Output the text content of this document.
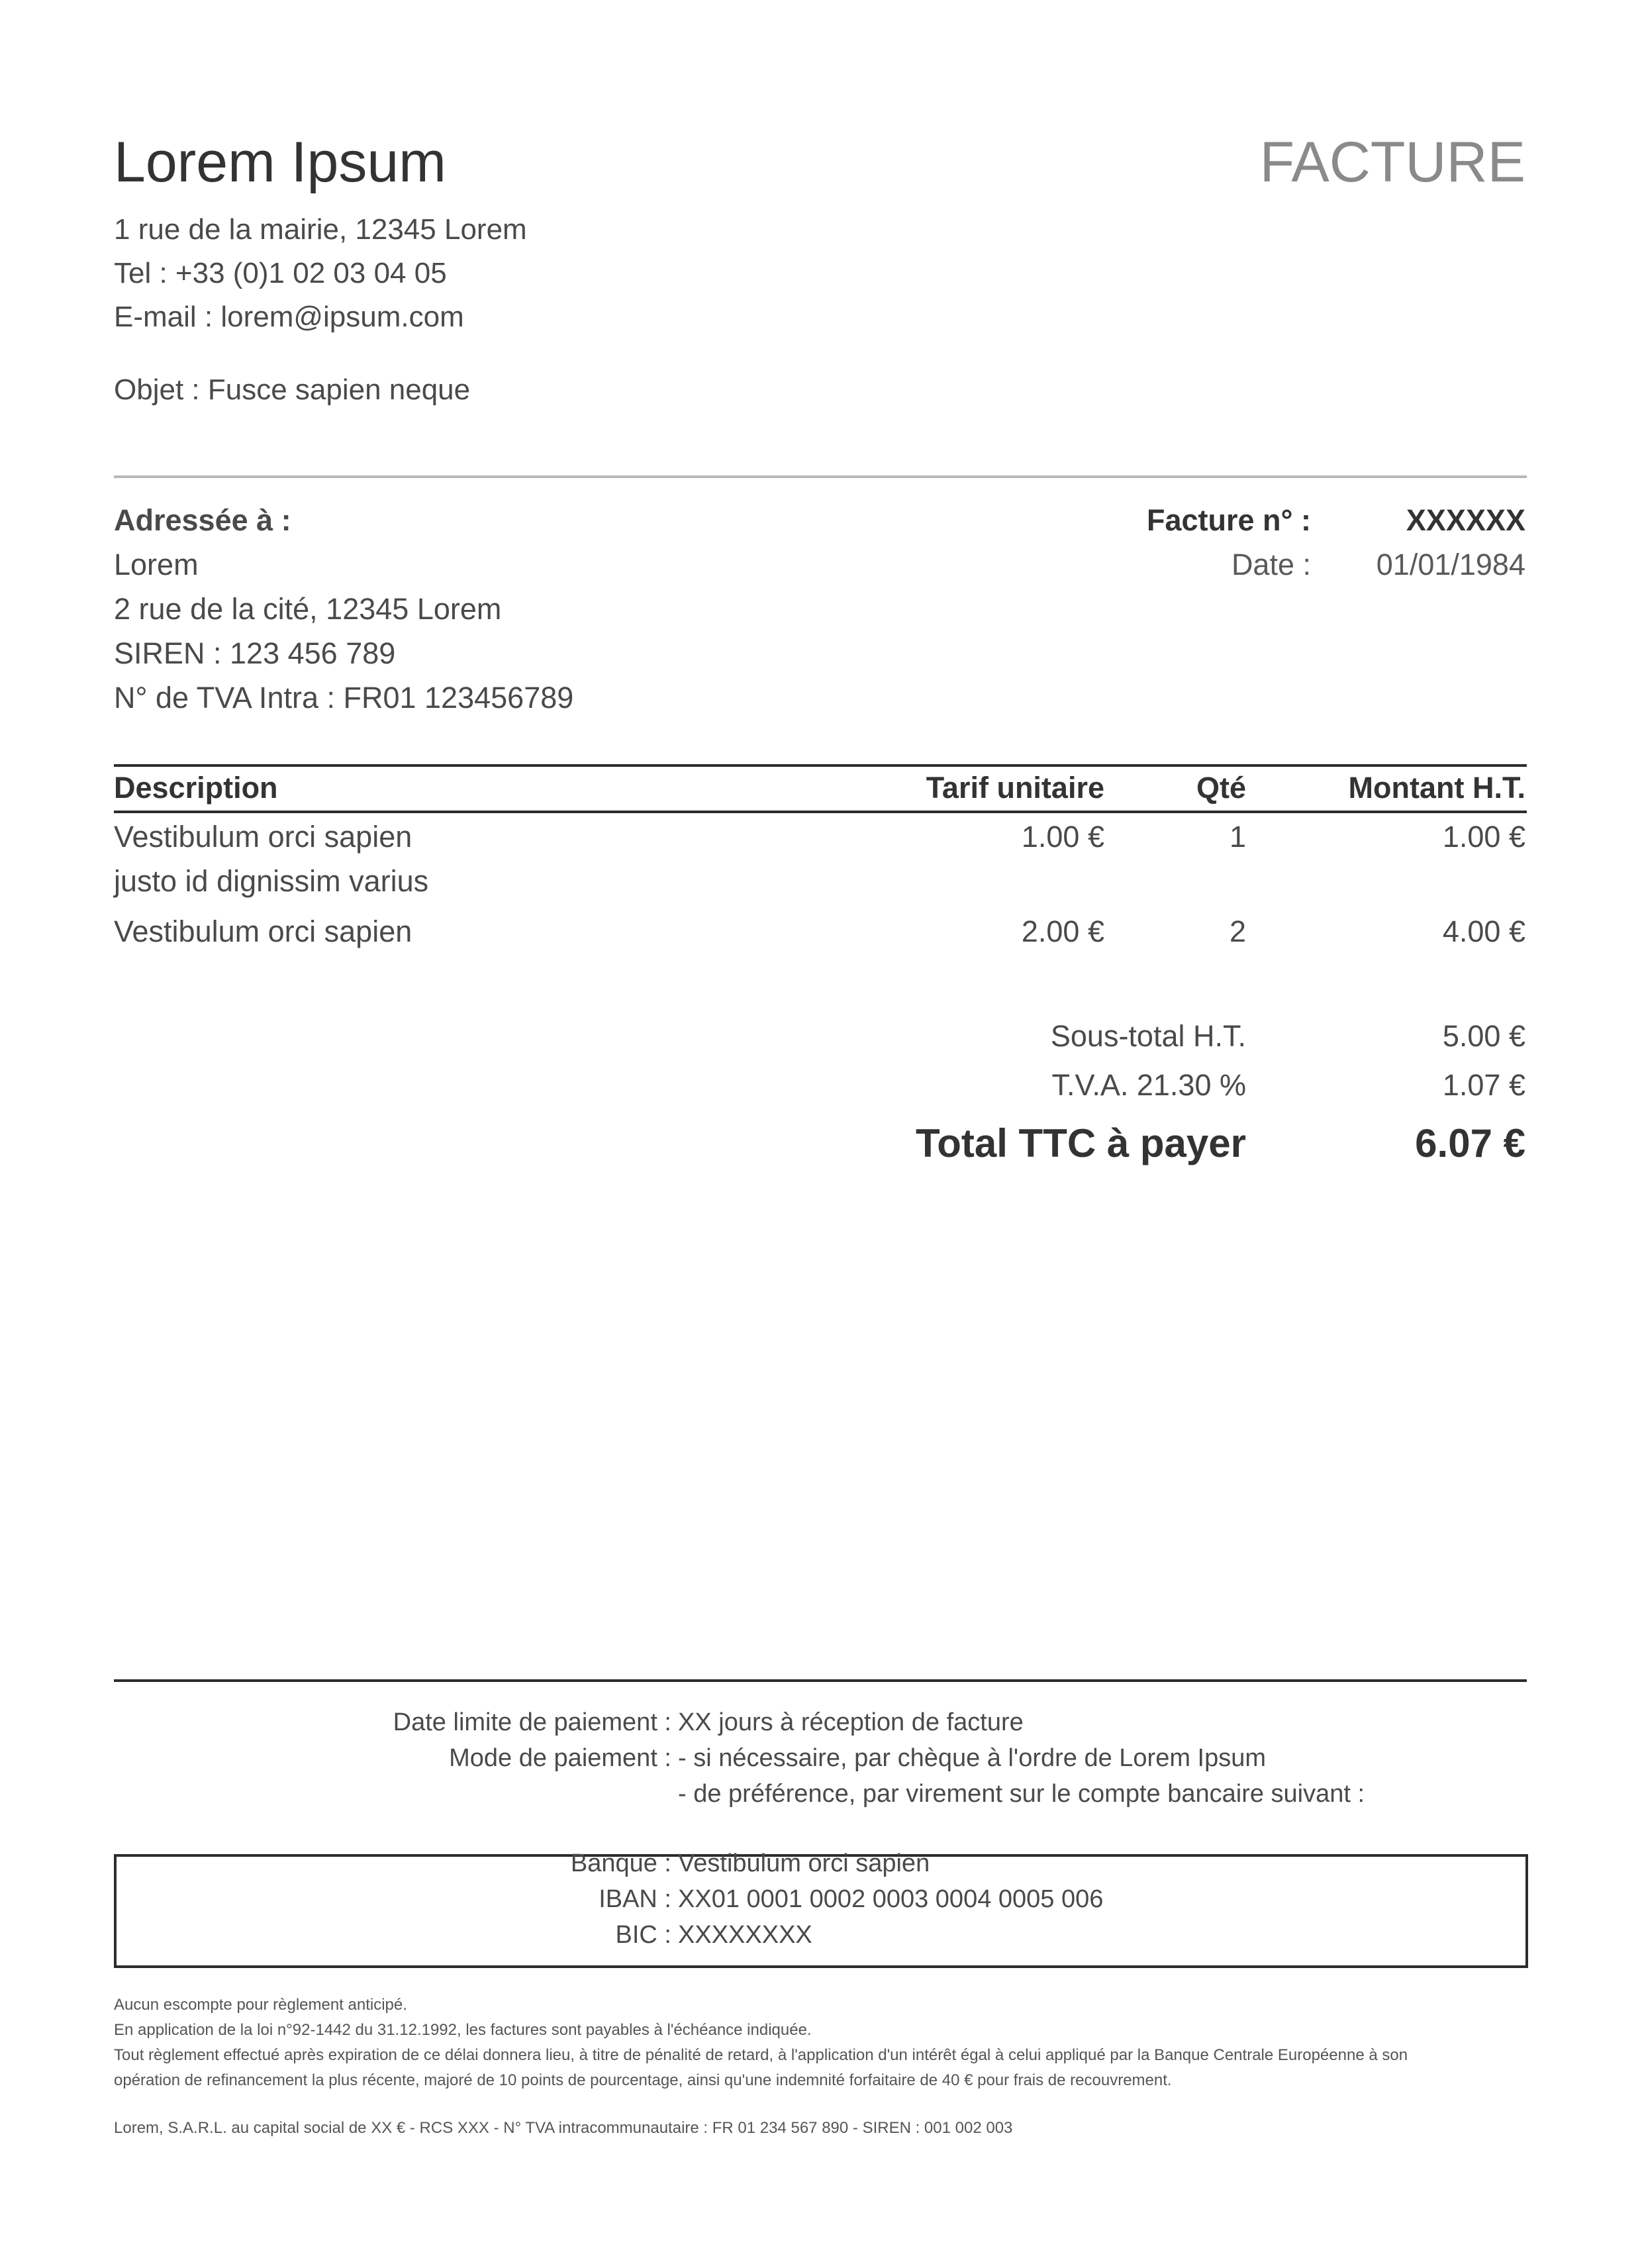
Lorem Ipsum	FACTURE
1 rue de la mairie, 12345 Lorem
Tel : +33 (0)1 02 03 04 05
E-mail : lorem@ipsum.com
Objet : Fusce sapien neque
Adressée à :
Lorem
2 rue de la cité, 12345 Lorem
SIREN : 123 456 789
N° de TVA Intra : FR01 123456789
Facture n° :	XXXXXX
Date : 01/01/1984
Description	Tarif unitaire	Qté	Montant H.T.
Vestibulum orci sapien
justo id dignissim varius
1.00 €	1	1.00 €
Vestibulum orci sapien	2.00 €	2	4.00 €
Sous-total H.T.	5.00 €
T.V.A. 21.30 %	1.07 €
Total TTC à payer	6.07 €
Date limite de paiement : XX jours à réception de facture
Mode de paiement : - si nécessaire, par chèque à l'ordre de Lorem Ipsum
- de préférence, par virement sur le compte bancaire suivant :
Banque : Vestibulum orci sapien
IBAN : XX01 0001 0002 0003 0004 0005 006
BIC : XXXXXXXX
Aucun escompte pour règlement anticipé.
En application de la loi n°92-1442 du 31.12.1992, les factures sont payables à l'échéance indiquée.
Tout règlement effectué après expiration de ce délai donnera lieu, à titre de pénalité de retard, à l'application d'un intérêt égal à celui appliqué par la Banque Centrale Européenne à son
opération de refinancement la plus récente, majoré de 10 points de pourcentage, ainsi qu'une indemnité forfaitaire de 40 € pour frais de recouvrement.
Lorem, S.A.R.L. au capital social de XX € - RCS XXX - N° TVA intracommunautaire : FR 01 234 567 890 - SIREN : 001 002 003
